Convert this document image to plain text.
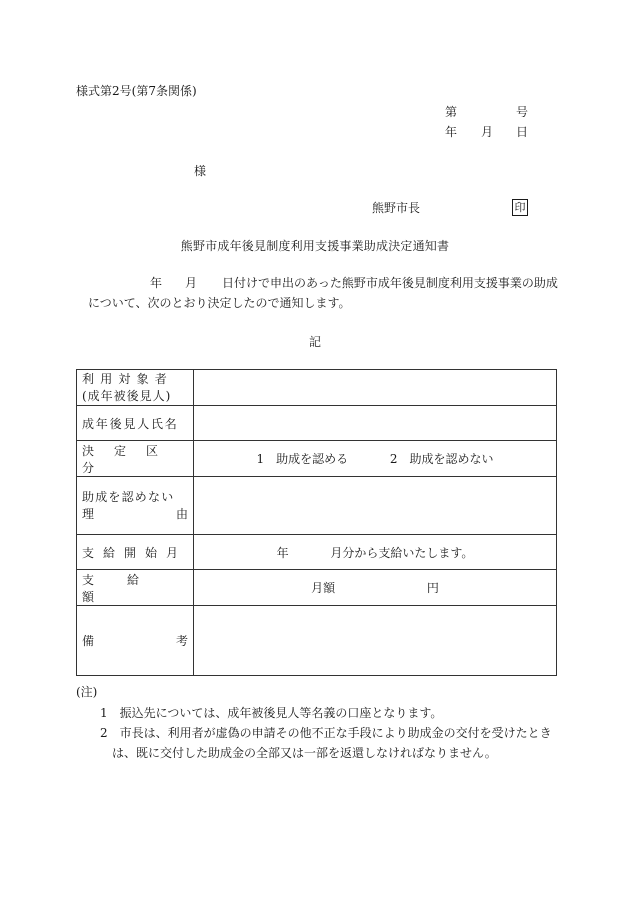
様式第2号(第7条関係)
第	号
年 月 日
様
熊野市長	印
熊野市成年後見制度利用支援事業助成決定通知書
年 月 日付けで申出のあった熊野市成年後見制度利用支援事業の助成
について、次のとおり決定したので通知します。
記
利用対象者
(成年被後見人)	

成年後見人氏名	
決定区分	1　助成を認める 2　助成を認めない

助成を認めない
理 由	

支給開始月	年 月分から支給いたします。
支給額	月額 円

備 考	

(注)
1　振込先については、成年被後見人等名義の口座となります。
2　市長は、利用者が虚偽の申請その他不正な手段により助成金の交付を受けたとき
は、既に交付した助成金の全部又は一部を返還しなければなりません。
